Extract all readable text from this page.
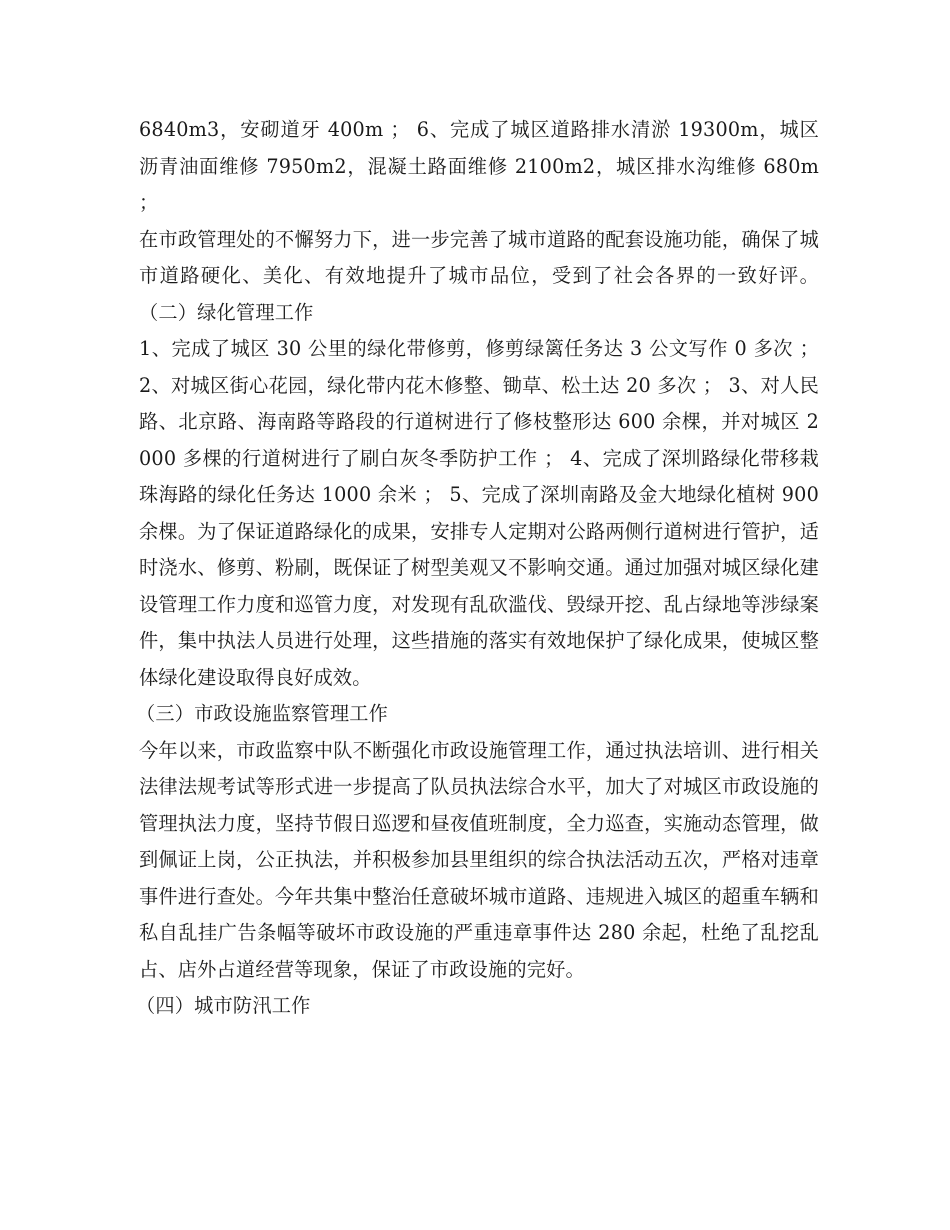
6840m3，安砌道牙 400m ； 6、完成了城区道路排水清淤 19300m，城区沥青油面维修 7950m2，混凝土路面维修 2100m2，城区排水沟维修 680m ；

在市政管理处的不懈努力下，进一步完善了城市道路的配套设施功能，确保了城市道路硬化、美化、有效地提升了城市品位，受到了社会各界的一致好评。 （二）绿化管理工作

1、完成了城区 30 公里的绿化带修剪，修剪绿篱任务达 3 公文写作 0 多次 ； 2、对城区街心花园，绿化带内花木修整、锄草、松土达 20 多次 ； 3、对人民路、北京路、海南路等路段的行道树进行了修枝整形达 600 余棵，并对城区 2000 多棵的行道树进行了刷白灰冬季防护工作 ； 4、完成了深圳路绿化带移栽珠海路的绿化任务达 1000 余米 ； 5、完成了深圳南路及金大地绿化植树 900 余棵。为了保证道路绿化的成果，安排专人定期对公路两侧行道树进行管护，适时浇水、修剪、粉刷，既保证了树型美观又不影响交通。通过加强对城区绿化建设管理工作力度和巡管力度，对发现有乱砍滥伐、毁绿开挖、乱占绿地等涉绿案件，集中执法人员进行处理，这些措施的落实有效地保护了绿化成果，使城区整体绿化建设取得良好成效。

（三）市政设施监察管理工作

今年以来，市政监察中队不断强化市政设施管理工作，通过执法培训、进行相关法律法规考试等形式进一步提高了队员执法综合水平，加大了对城区市政设施的管理执法力度，坚持节假日巡逻和昼夜值班制度，全力巡查，实施动态管理，做到佩证上岗，公正执法，并积极参加县里组织的综合执法活动五次，严格对违章事件进行查处。今年共集中整治任意破坏城市道路、违规进入城区的超重车辆和私自乱挂广告条幅等破坏市政设施的严重违章事件达 280 余起，杜绝了乱挖乱占、店外占道经营等现象，保证了市政设施的完好。

（四）城市防汛工作
